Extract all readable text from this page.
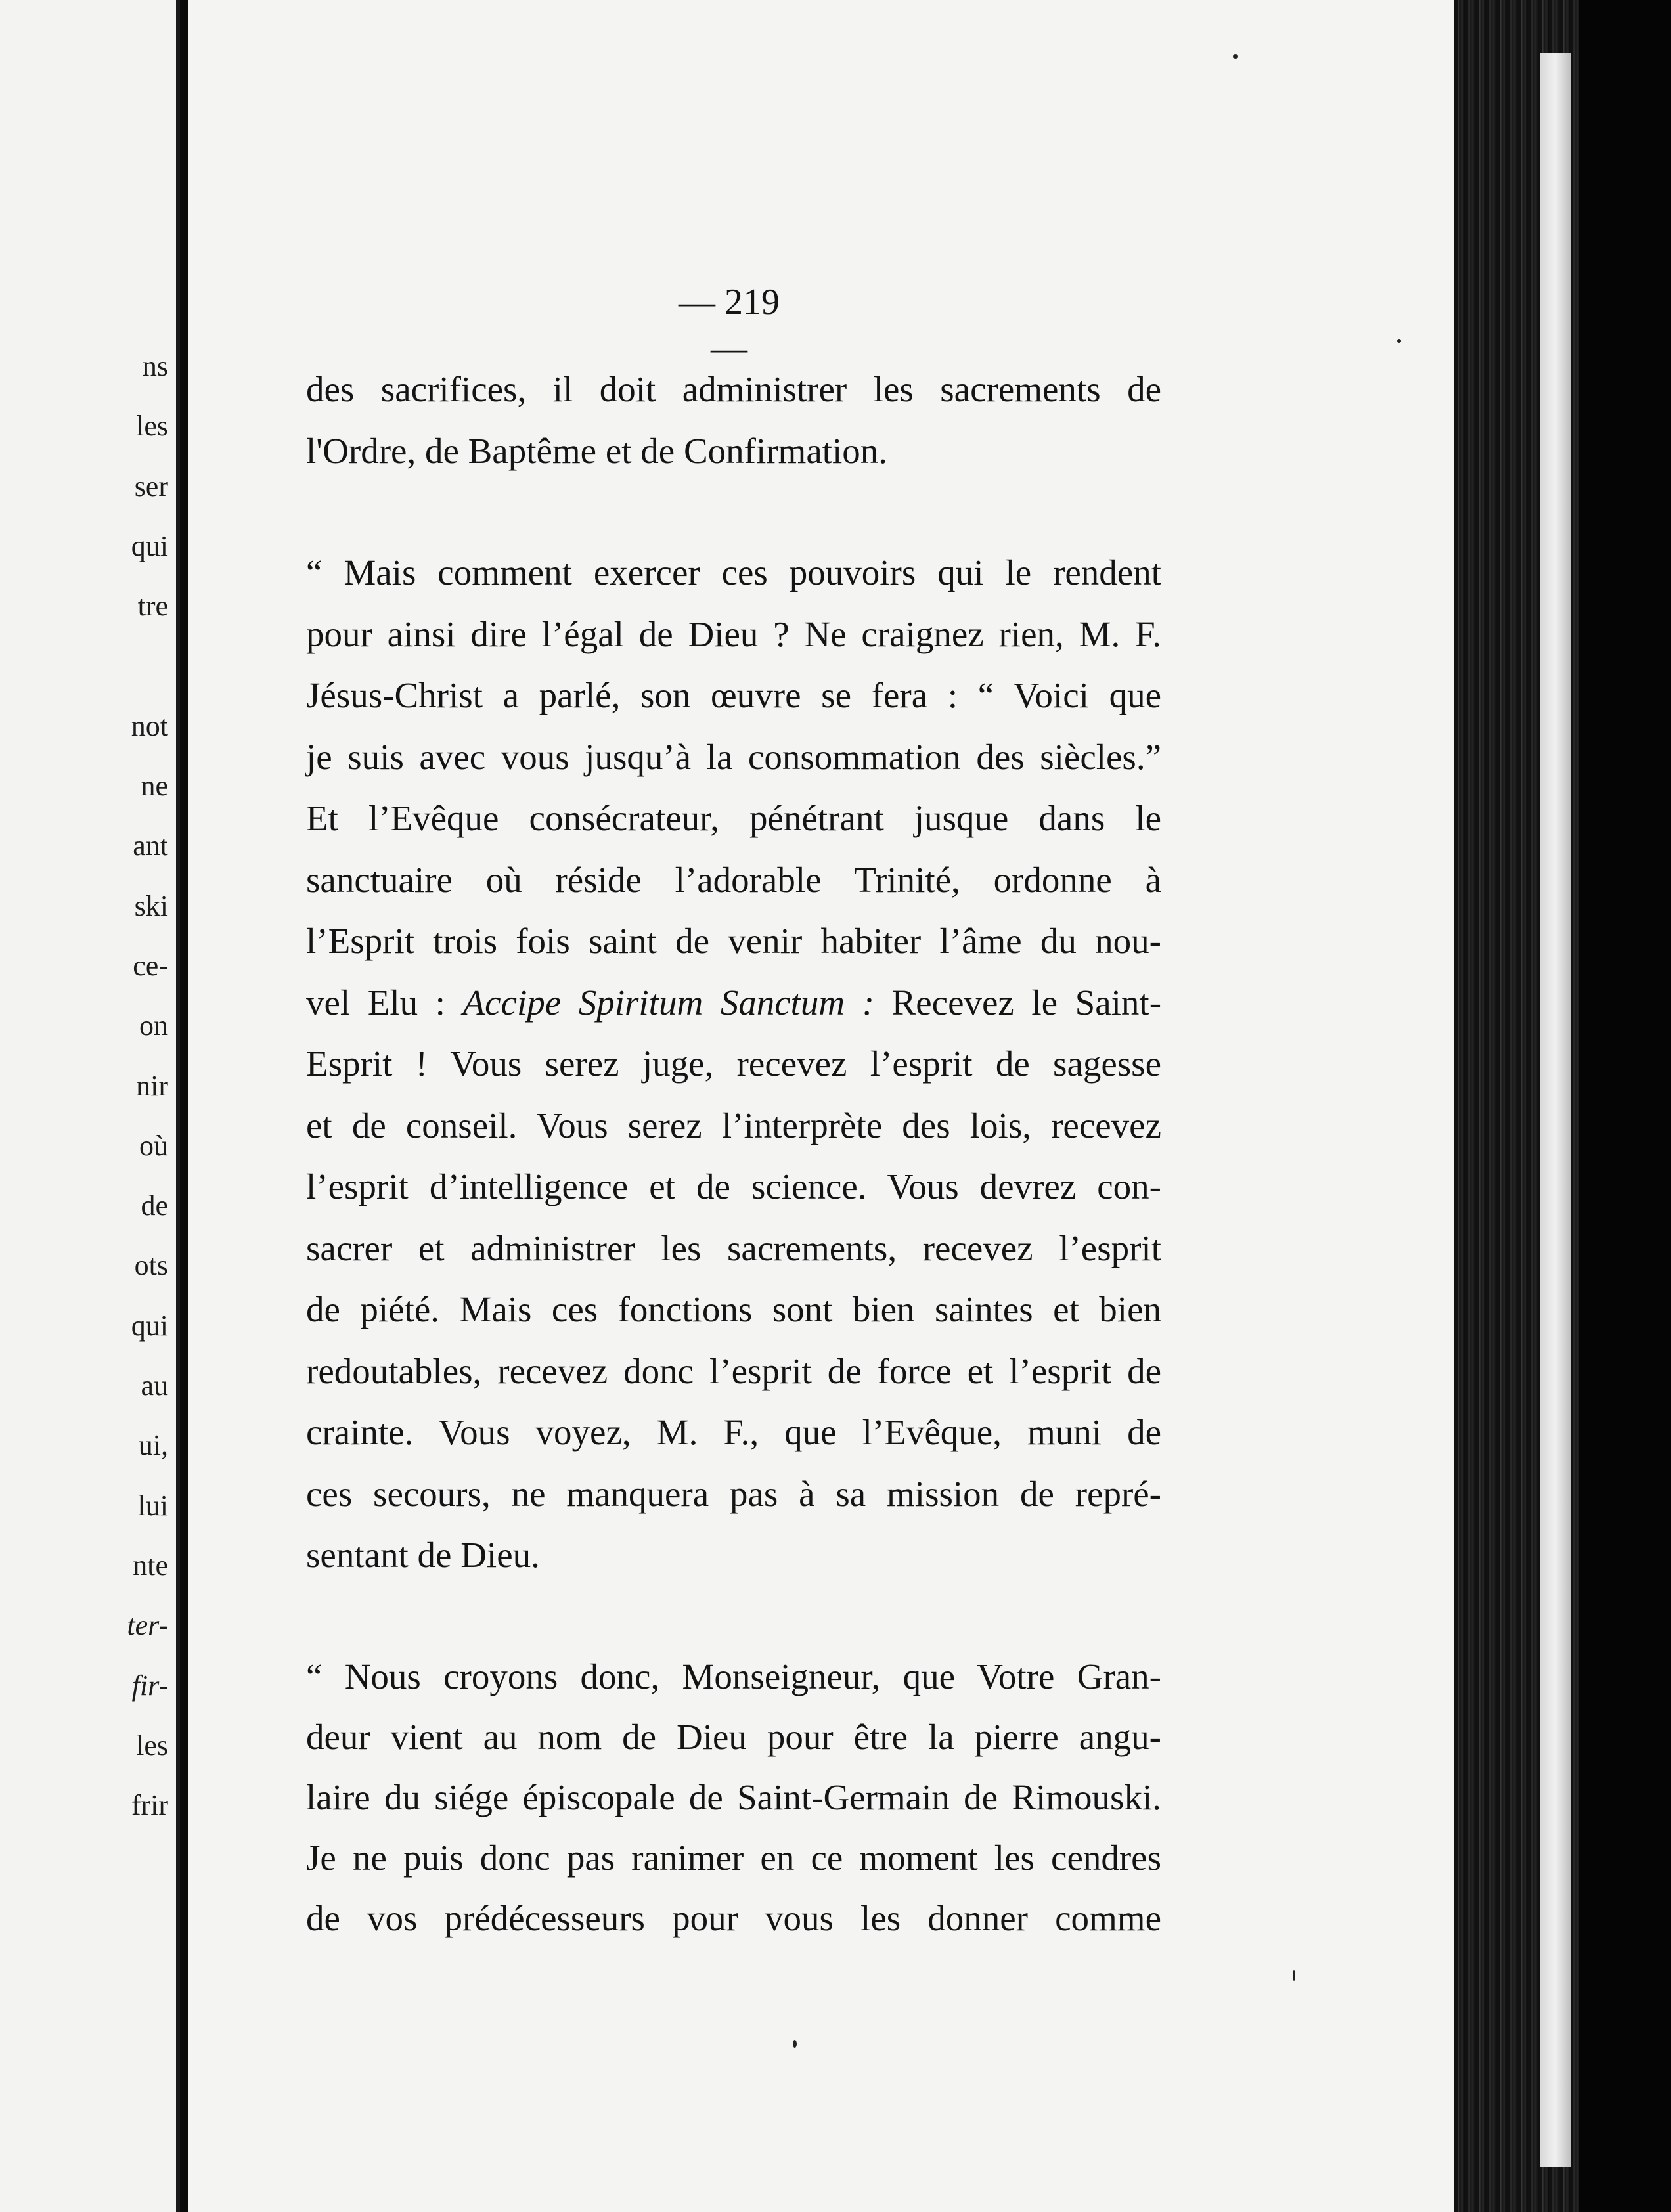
ns
les
ser
qui
tre
not
ne
ant
ski
ce-
on
nir
où
de
ots
qui
au
ui,
lui
nte
ter-
fir-
les
frir
— 219 —

des sacrifices, il doit administrer les sacrements de
l'Ordre, de Baptême et de Confirmation.

“ Mais comment exercer ces pouvoirs qui le rendent
pour ainsi dire l’égal de Dieu ? Ne craignez rien, M. F.
Jésus-Christ a parlé, son œuvre se fera : “ Voici que
je suis avec vous jusqu’à la consommation des siècles.”
Et l’Evêque consécrateur, pénétrant jusque dans le
sanctuaire où réside l’adorable Trinité, ordonne à
l’Esprit trois fois saint de venir habiter l’âme du nou-
vel Elu : Accipe Spiritum Sanctum : Recevez le Saint-
Esprit ! Vous serez juge, recevez l’esprit de sagesse
et de conseil. Vous serez l’interprète des lois, recevez
l’esprit d’intelligence et de science. Vous devrez con-
sacrer et administrer les sacrements, recevez l’esprit
de piété. Mais ces fonctions sont bien saintes et bien
redoutables, recevez donc l’esprit de force et l’esprit de
crainte. Vous voyez, M. F., que l’Evêque, muni de
ces secours, ne manquera pas à sa mission de repré-
sentant de Dieu.

“ Nous croyons donc, Monseigneur, que Votre Gran-
deur vient au nom de Dieu pour être la pierre angu-
laire du siége épiscopale de Saint-Germain de Rimouski.
Je ne puis donc pas ranimer en ce moment les cendres
de vos prédécesseurs pour vous les donner comme
